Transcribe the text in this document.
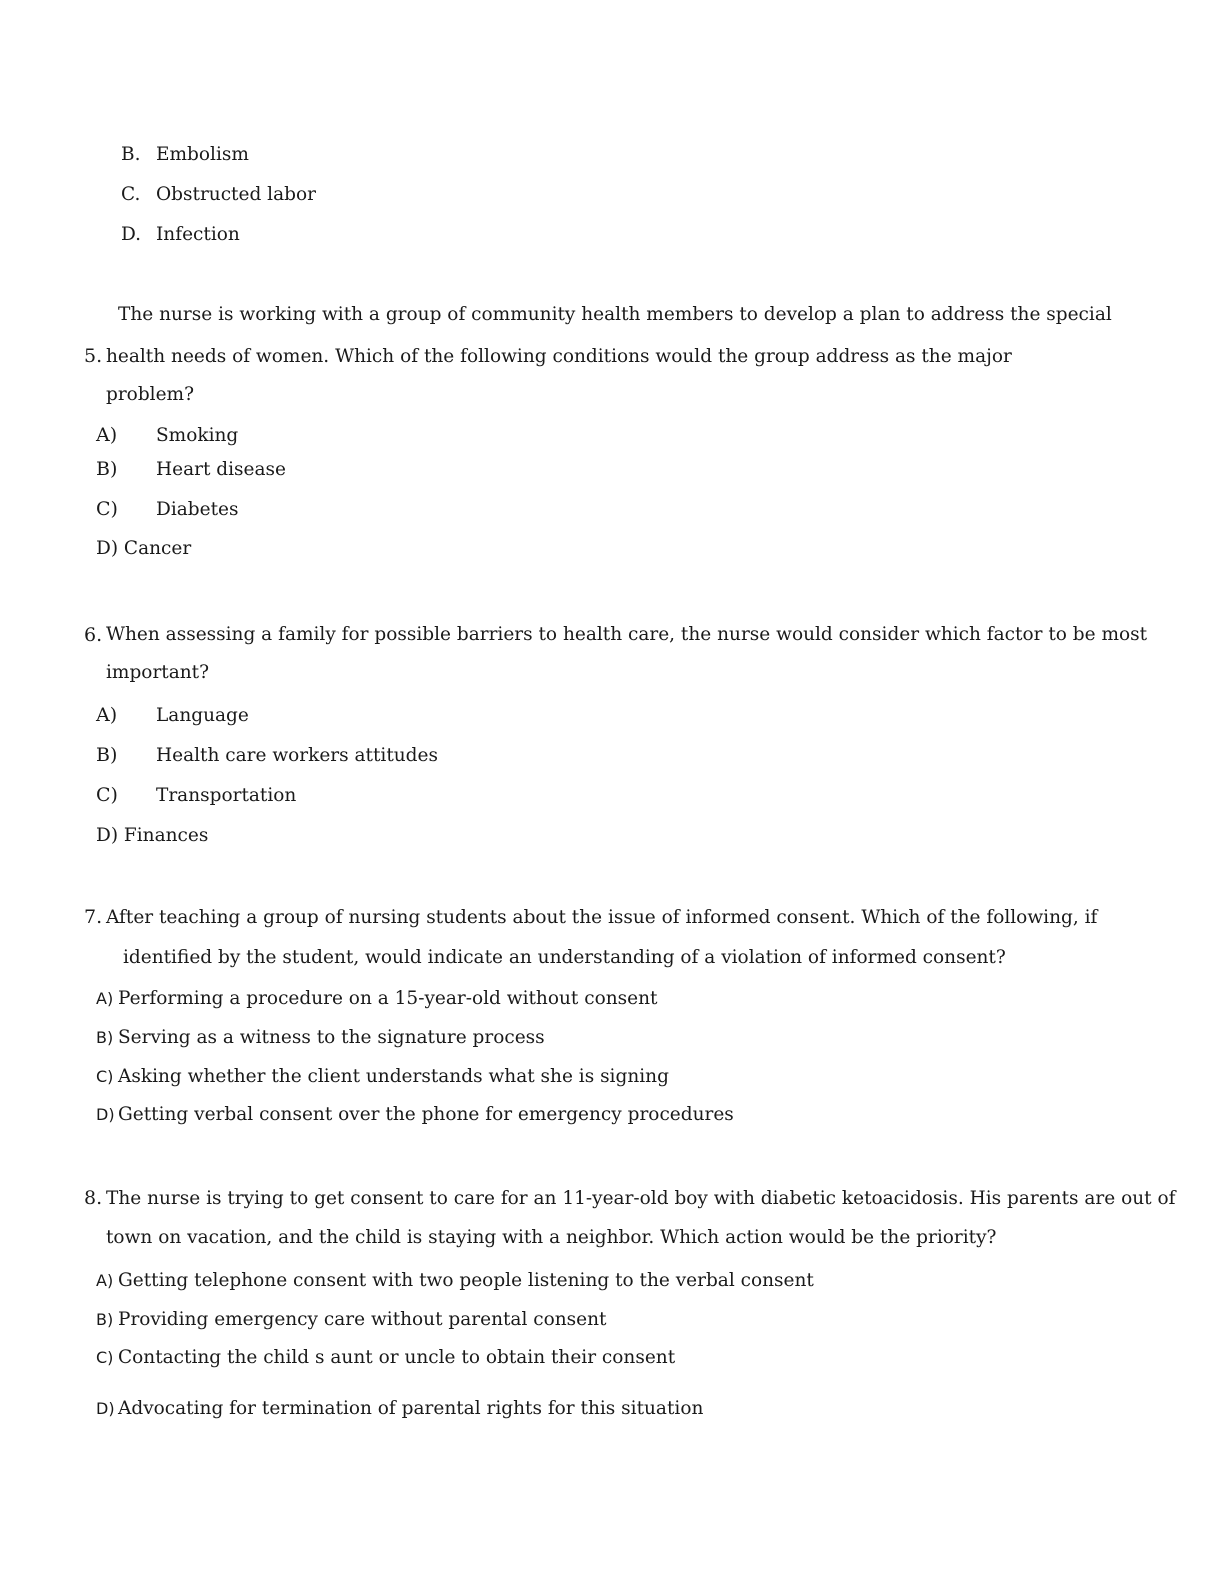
B. Embolism
C. Obstructed labor
D. Infection
The nurse is working with a group of community health members to develop a plan to address the special
5. health needs of women. Which of the following conditions would the group address as the major
problem?
A) Smoking
B) Heart disease
C) Diabetes
D) Cancer
6. When assessing a family for possible barriers to health care, the nurse would consider which factor to be most
important?
A) Language
B) Health care workers attitudes
C) Transportation
D) Finances
7. After teaching a group of nursing students about the issue of informed consent. Which of the following, if
identified by the student, would indicate an understanding of a violation of informed consent?
A) Performing a procedure on a 15-year-old without consent
B) Serving as a witness to the signature process
C) Asking whether the client understands what she is signing
D) Getting verbal consent over the phone for emergency procedures
8. The nurse is trying to get consent to care for an 11-year-old boy with diabetic ketoacidosis. His parents are out of
town on vacation, and the child is staying with a neighbor. Which action would be the priority?
A) Getting telephone consent with two people listening to the verbal consent
B) Providing emergency care without parental consent
C) Contacting the child s aunt or uncle to obtain their consent
D) Advocating for termination of parental rights for this situation
